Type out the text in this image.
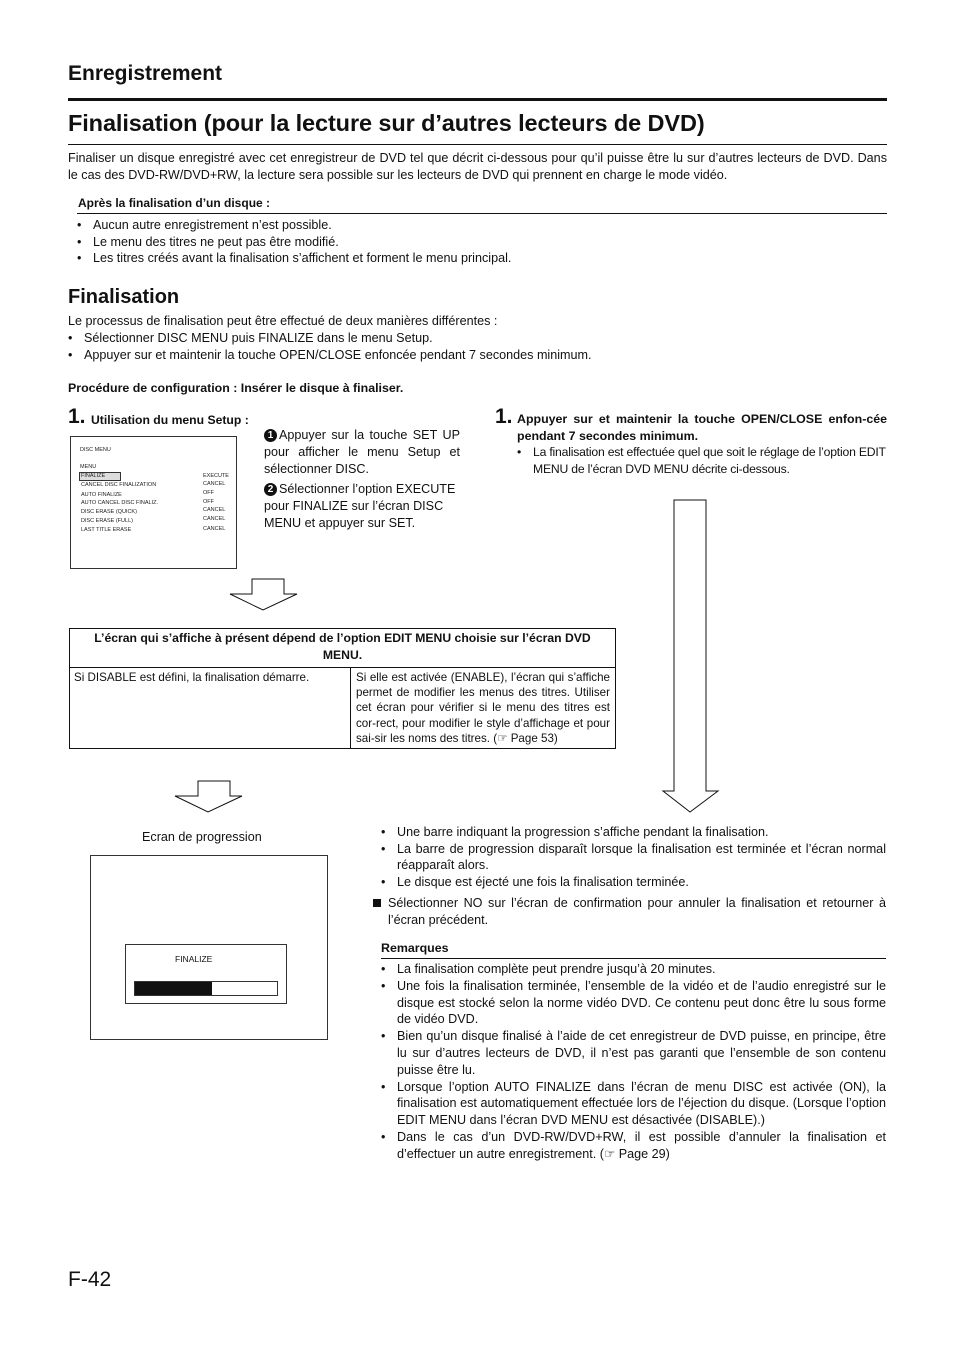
Enregistrement
Finalisation (pour la lecture sur d’autres lecteurs de DVD)
Finaliser un disque enregistré avec cet enregistreur de DVD tel que décrit ci-dessous pour qu’il puisse être lu sur d’autres lecteurs de DVD. Dans le cas des DVD-RW/DVD+RW, la lecture sera possible sur les lecteurs de DVD qui prennent en charge le mode vidéo.
Après la finalisation d’un disque :
• Aucun autre enregistrement n’est possible.
• Le menu des titres ne peut pas être modifié.
• Les titres créés avant la finalisation s’affichent et forment le menu principal.
Finalisation
Le processus de finalisation peut être effectué de deux manières différentes :
• Sélectionner DISC MENU puis FINALIZE dans le menu Setup.
• Appuyer sur et maintenir la touche OPEN/CLOSE enfoncée pendant 7 secondes minimum.
Procédure de configuration : Insérer le disque à finaliser.
1. Utilisation du menu Setup :
DISC MENU
MENU
FINALIZE	EXECUTE
CANCEL DISC FINALIZATION	CANCEL
AUTO FINALIZE	OFF
AUTO CANCEL DISC FINALIZ.	OFF
DISC ERASE (QUICK)	CANCEL
DISC ERASE (FULL)	CANCEL
LAST TITLE ERASE	CANCEL
1 Appuyer sur la touche SET UP pour afficher le menu Setup et sélectionner DISC.
2 Sélectionner l’option EXECUTE pour FINALIZE sur l’écran DISC MENU et appuyer sur SET.
1. Appuyer sur et maintenir la touche OPEN/CLOSE enfon-cée pendant 7 secondes minimum.
• La finalisation est effectuée quel que soit le réglage de l’option EDIT MENU de l’écran DVD MENU décrite ci-dessous.
L’écran qui s’affiche à présent dépend de l’option EDIT MENU choisie sur l’écran DVD MENU.
Si DISABLE est défini, la finalisation démarre.	Si elle est activée (ENABLE), l’écran qui s’affiche permet de modifier les menus des titres. Utiliser cet écran pour vérifier si le menu des titres est cor-rect, pour modifier le style d’affichage et pour sai-sir les noms des titres. (☞ Page 53)
Ecran de progression
FINALIZE
• Une barre indiquant la progression s’affiche pendant la finalisation.
• La barre de progression disparaît lorsque la finalisation est terminée et l’écran normal réapparaît alors.
• Le disque est éjecté une fois la finalisation terminée.
Sélectionner NO sur l’écran de confirmation pour annuler la finalisation et retourner à l’écran précédent.
Remarques
• La finalisation complète peut prendre jusqu’à 20 minutes.
• Une fois la finalisation terminée, l’ensemble de la vidéo et de l’audio enregistré sur le disque est stocké selon la norme vidéo DVD. Ce contenu peut donc être lu sous forme de vidéo DVD.
• Bien qu’un disque finalisé à l’aide de cet enregistreur de DVD puisse, en principe, être lu sur d’autres lecteurs de DVD, il n’est pas garanti que l’ensemble de son contenu puisse être lu.
• Lorsque l’option AUTO FINALIZE dans l’écran de menu DISC est activée (ON), la finalisation est automatiquement effectuée lors de l’éjection du disque. (Lorsque l’option EDIT MENU dans l’écran DVD MENU est désactivée (DISABLE).)
• Dans le cas d’un DVD-RW/DVD+RW, il est possible d’annuler la finalisation et d’effectuer un autre enregistrement. (☞ Page 29)
F-42
